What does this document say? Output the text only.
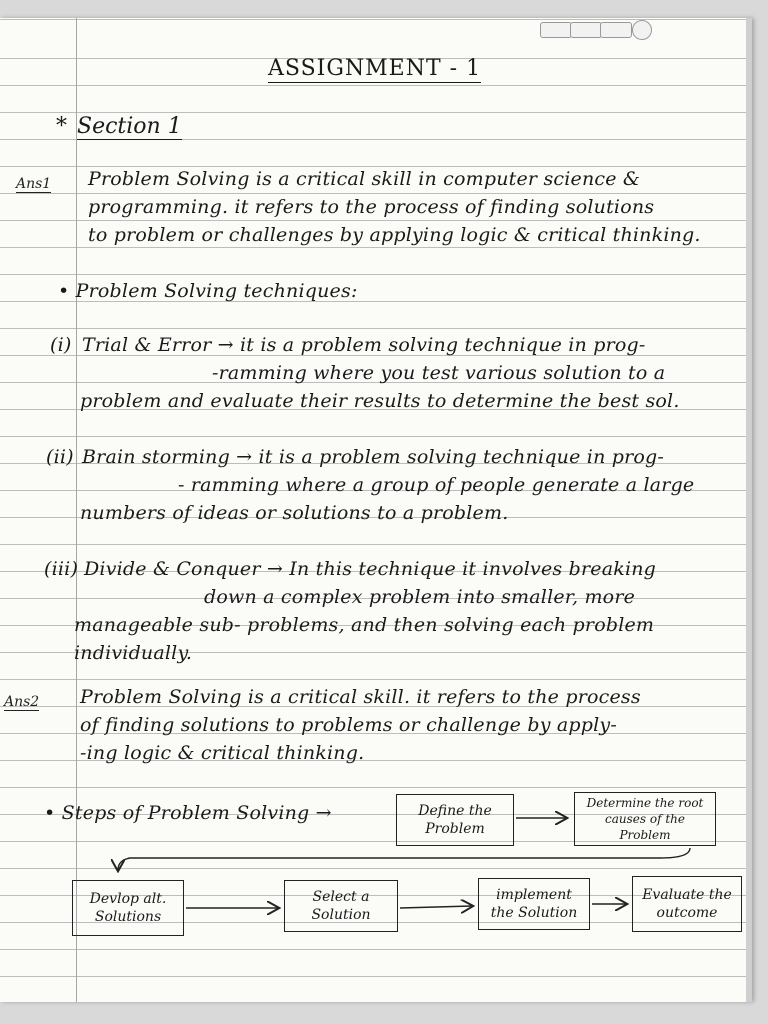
ASSIGNMENT - 1
* Section 1
Ans1 Problem Solving is a critical skill in computer science &
programming. it refers to the process of finding solutions
to problem or challenges by applying logic & critical thinking.
• Problem Solving techniques:
(i) Trial & Error → it is a problem solving technique in prog-
-ramming where you test various solution to a
problem and evaluate their results to determine the best sol.
(ii) Brain storming → it is a problem solving technique in prog-
- ramming where a group of people generate a large
numbers of ideas or solutions to a problem.
(iii) Divide & Conquer → In this technique it involves breaking
down a complex problem into smaller, more
manageable sub- problems, and then solving each problem
individually.
Ans2 Problem Solving is a critical skill. it refers to the process
of finding solutions to problems or challenge by apply-
-ing logic & critical thinking.
• Steps of Problem Solving →	Define the Problem
Determine the root causes of the Problem
Devlop alt. Solutions
Select a Solution
implement the Solution
Evaluate the outcome
